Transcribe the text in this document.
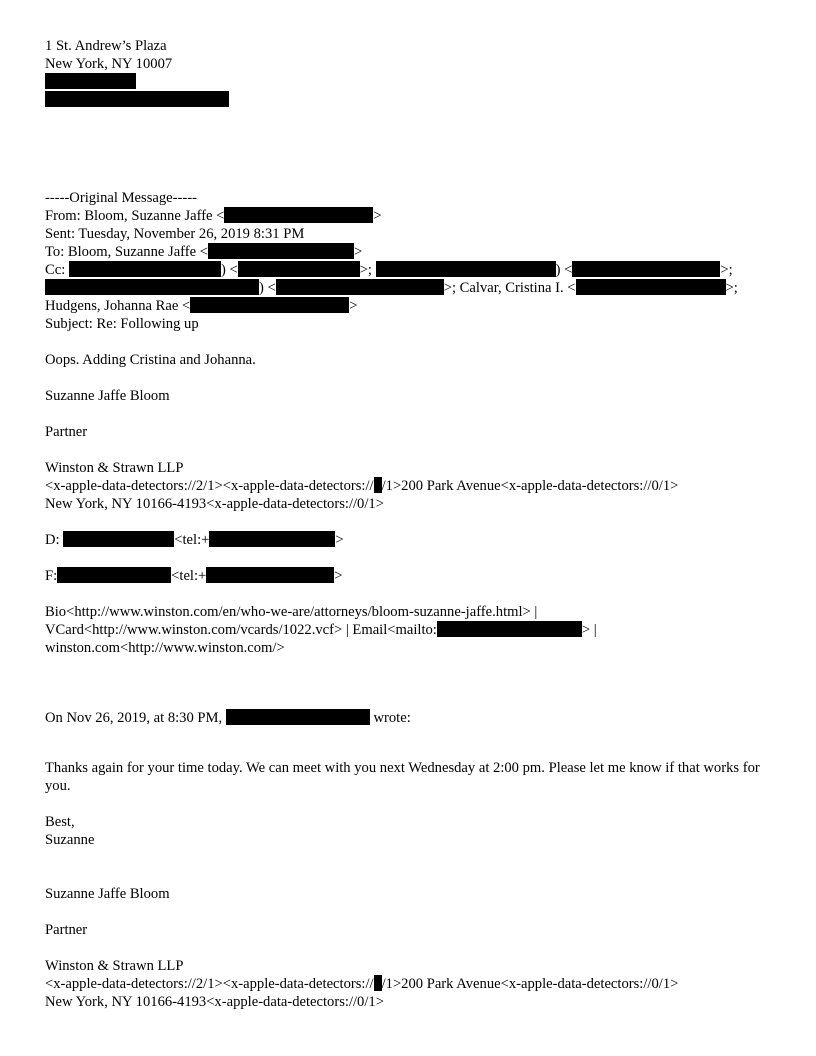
1 St. Andrew’s Plaza
New York, NY 10007
-----Original Message-----
From: Bloom, Suzanne Jaffe <	>
Sent: Tuesday, November 26, 2019 8:31 PM
To: Bloom, Suzanne Jaffe <	>
Cc:	) <	>;	) <	>;
) <	>; Calvar, Cristina I. <	>;
Hudgens, Johanna Rae <	>
Subject: Re: Following up
Oops. Adding Cristina and Johanna.
Suzanne Jaffe Bloom
Partner
Winston & Strawn LLP
<x-apple-data-detectors://2/1><x-apple-data-detectors:// /1>200 Park Avenue<x-apple-data-detectors://0/1>
New York, NY 10166-4193<x-apple-data-detectors://0/1>
D:	<tel:+	>
F:	<tel:+	>
Bio<http://www.winston.com/en/who-we-are/attorneys/bloom-suzanne-jaffe.html> |
VCard<http://www.winston.com/vcards/1022.vcf> | Email<mailto:	> |
winston.com<http://www.winston.com/>
On Nov 26, 2019, at 8:30 PM,	wrote:
Thanks again for your time today. We can meet with you next Wednesday at 2:00 pm. Please let me know if that works for you.
Best,
Suzanne
Suzanne Jaffe Bloom
Partner
Winston & Strawn LLP
<x-apple-data-detectors://2/1><x-apple-data-detectors:// /1>200 Park Avenue<x-apple-data-detectors://0/1>
New York, NY 10166-4193<x-apple-data-detectors://0/1>
